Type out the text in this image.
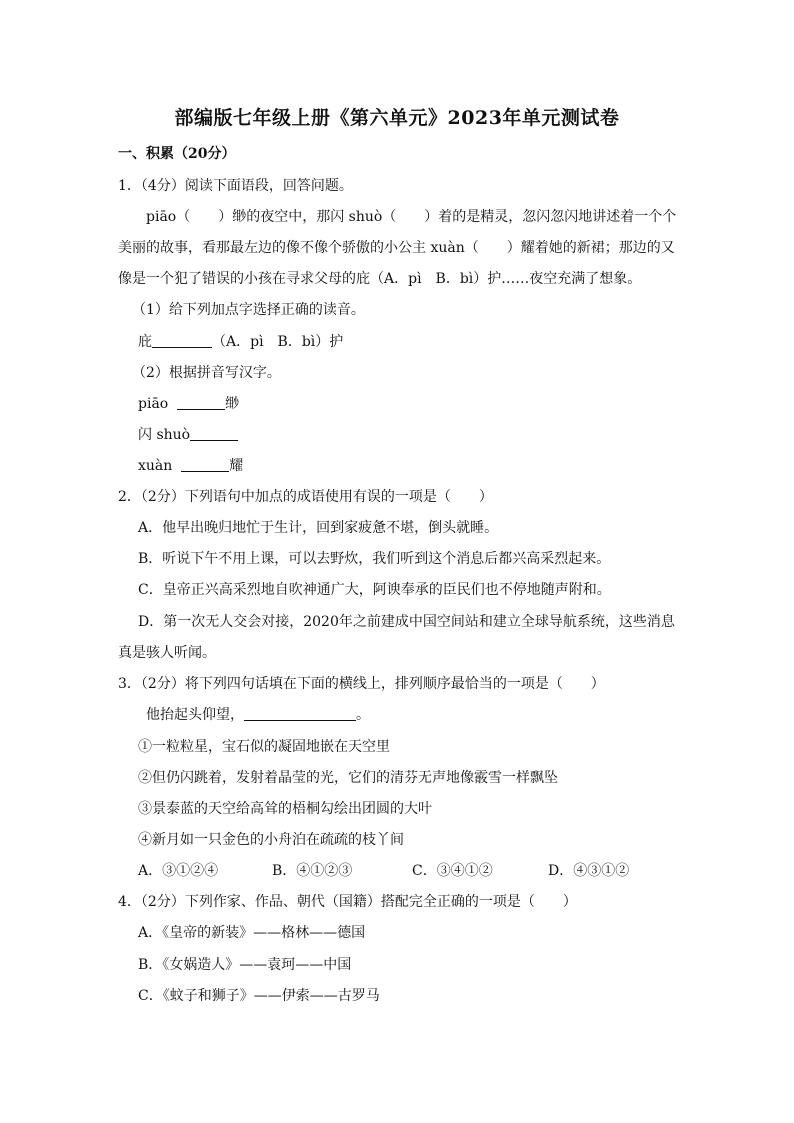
部编版七年级上册《第六单元》2023年单元测试卷
一、积累（20分）
1．（4分）阅读下面语段，回答问题。
piāo（　　）缈的夜空中，那闪 shuò（　　）着的是精灵，忽闪忽闪地讲述着一个个
美丽的故事，看那最左边的像不像个骄傲的小公主 xuàn（　　）耀着她的新裙；那边的又
像是一个犯了错误的小孩在寻求父母的庇（A．pì　B．bì）护……夜空充满了想象。
（1）给下列加点字选择正确的读音。
庇	（A．pì　B．bì）护
（2）根据拼音写汉字。
piāo	缈
闪 shuò
xuàn	耀
2．（2分）下列语句中加点的成语使用有误的一项是（　　）
A．他早出晚归地忙于生计，回到家疲惫不堪，倒头就睡。
B．听说下午不用上课，可以去野炊，我们听到这个消息后都兴高采烈起来。
C．皇帝正兴高采烈地自吹神通广大，阿谀奉承的臣民们也不停地随声附和。
D．第一次无人交会对接，2020年之前建成中国空间站和建立全球导航系统，这些消息
真是骇人听闻。
3．（2分）将下列四句话填在下面的横线上，排列顺序最恰当的一项是（　　）
他抬起头仰望，	。
①一粒粒星，宝石似的凝固地嵌在天空里
②但仍闪跳着，发射着晶莹的光，它们的清芬无声地像霰雪一样飘坠
③景泰蓝的天空给高耸的梧桐勾绘出团圆的大叶
④新月如一只金色的小舟泊在疏疏的枝丫间
A．③①②④	B．④①②③	C．③④①②	D．④③①②
4．（2分）下列作家、作品、朝代（国籍）搭配完全正确的一项是（　　）
A．《皇帝的新装》——格林——德国
B．《女娲造人》——袁珂——中国
C．《蚊子和狮子》——伊索——古罗马
